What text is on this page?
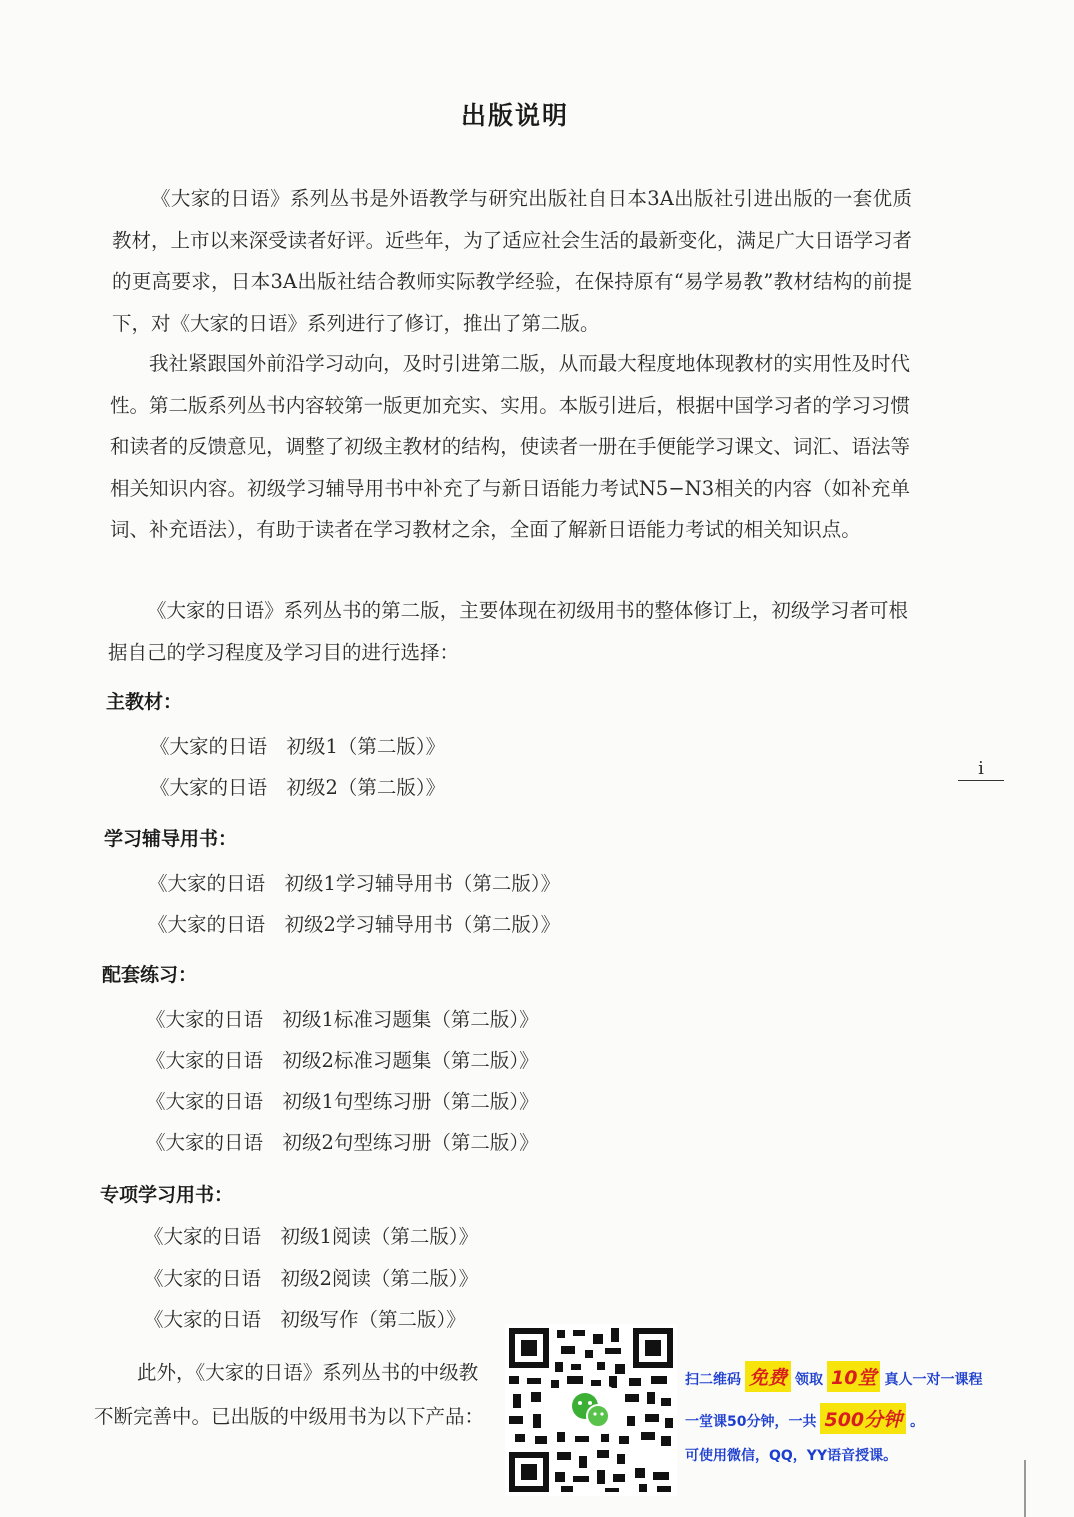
出版说明

《大家的日语》系列丛书是外语教学与研究出版社自日本3A出版社引进出版的一套优质教材，上市以来深受读者好评。近些年，为了适应社会生活的最新变化，满足广大日语学习者的更高要求，日本3A出版社结合教师实际教学经验，在保持原有“易学易教”教材结构的前提下，对《大家的日语》系列进行了修订，推出了第二版。

我社紧跟国外前沿学习动向，及时引进第二版，从而最大程度地体现教材的实用性及时代性。第二版系列丛书内容较第一版更加充实、实用。本版引进后，根据中国学习者的学习习惯和读者的反馈意见，调整了初级主教材的结构，使读者一册在手便能学习课文、词汇、语法等相关知识内容。初级学习辅导用书中补充了与新日语能力考试N5−N3相关的内容（如补充单词、补充语法），有助于读者在学习教材之余，全面了解新日语能力考试的相关知识点。

《大家的日语》系列丛书的第二版，主要体现在初级用书的整体修订上，初级学习者可根据自己的学习程度及学习目的进行选择：

主教材：
《大家的日语　初级1（第二版）》
《大家的日语　初级2（第二版）》
i
学习辅导用书：
《大家的日语　初级1学习辅导用书（第二版）》
《大家的日语　初级2学习辅导用书（第二版）》
配套练习：
《大家的日语　初级1标准习题集（第二版）》
《大家的日语　初级2标准习题集（第二版）》
《大家的日语　初级1句型练习册（第二版）》
《大家的日语　初级2句型练习册（第二版）》
专项学习用书：
《大家的日语　初级1阅读（第二版）》
《大家的日语　初级2阅读（第二版）》
《大家的日语　初级写作（第二版）》
此外，《大家的日语》系列丛书的中级教
不断完善中。已出版的中级用书为以下产品：
扫二维码 免费 领取 10堂 真人一对一课程
一堂课50分钟，一共 500分钟 。
可使用微信，QQ，YY语音授课。
